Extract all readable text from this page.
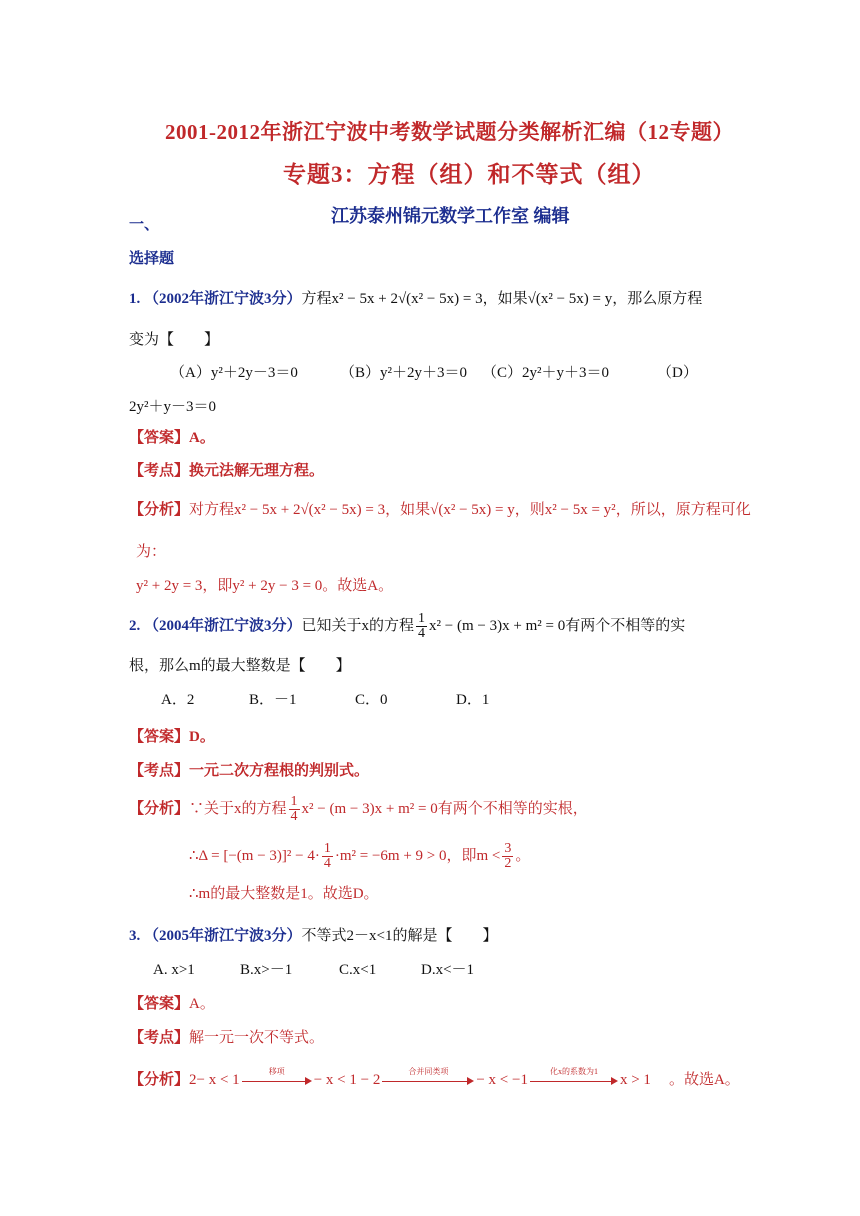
2001-2012年浙江宁波中考数学试题分类解析汇编（12专题）
专题3：方程（组）和不等式（组）
一、	江苏泰州锦元数学工作室 编辑
选择题
1. （2002年浙江宁波3分）方程x² − 5x + 2√(x² − 5x) = 3，如果√(x² − 5x) = y，那么原方程
变为【　　】
（A）y²＋2y－3＝0	（B）y²＋2y＋3＝0 （C）2y²＋y＋3＝0	（D）
2y²＋y－3＝0
【答案】A。
【考点】换元法解无理方程。
【分析】对方程x² − 5x + 2√(x² − 5x) = 3，如果√(x² − 5x) = y，则x² − 5x = y²，所以，原方程可化
为：
y² + 2y = 3，即y² + 2y − 3 = 0。故选A。
2. （2004年浙江宁波3分）已知关于x的方程 $\frac{1}{4} x^2 - (m - 3)x + m^2 = 0$有两个不相等的实
根，那么m的最大整数是【　　】
A．2	B．－1	C．0	D．1
【答案】D。
【考点】一元二次方程根的判别式。
【分析】∵关于x的方程 $\frac{1}{4} x^2 - (m - 3)x + m^2 = 0$有两个不相等的实根，
∴Δ = $[-(m - 3)]^2 - 4\cdot \frac{1}{4} \cdot m^2 = -6m + 9 > 0$，即$m < \frac{3}{2}$ 。
∴m的最大整数是1。故选D。
3. （2005年浙江宁波3分）不等式2－x<1的解是【　　】
A. x>1	B.x>－1	C.x<1	D.x<－1
【答案】A。
【考点】解一元一次不等式。
【分析】2− x < 1
移项
− x < 1 − 2
合并同类项
− x < −1
化x的系数为1
x > 1 。故选A。
